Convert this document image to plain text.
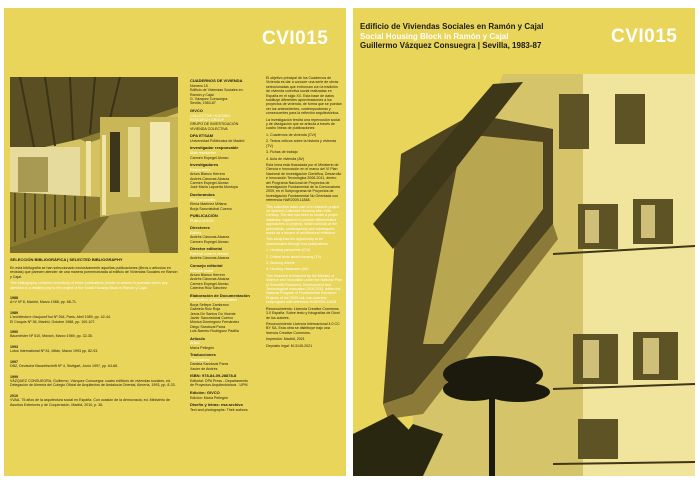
CVI015
SELECCIÓN BIBLIOGRÁFICA | SELECTED BIBLIOGRAPHY

En esta bibliografía se han seleccionado exclusivamente aquellas publicaciones (libros o artículos en revistas) que parecen atender de una manera pormenorizada al edificio de Viviendas Sociales en Ramón y Cajal.

This bibliography contains exclusively of those publications (books or articles in journals) which pay attention in a detailed way to the project of the Social Housing Block in Ramón y Cajal.

1988
A+V Nº 8, Madrid, Marzo 1988, pp. 68-71.
1989
L'architecture d'aujourd'hui Nº 264, Paris, Abril 1989, pp. 42-44.
El Croquis Nº 36, Madrid, Octubre 1988, pp. 100-107.
1990
Baumeister Nº 510, Múnich, Marzo 1989, pp. 32-35.
1993
Lotus International Nº 81, Milán, Marzo 1993 pp. 82-93.
1997
DBZ, Deutsche Bauzeitschrift Nº 4, Stuttgart, Junio 1997, pp. 64-68.
1999
VÁZQUEZ CONSUEGRA, Guillermo. Vázquez Consuegra: cuatro edificios de viviendas sociales, ed. Delegación de Almería del Colegio Oficial de Arquitectos de Andalucía Oriental, Almería, 1993, pp. 8-33.
2010
VVAA. 75 años de la arquitectura social en España. Con ocasión de la democracia, ed. Ministerio de Asuntos Exteriores y de Cooperación, Madrid, 2010, p. 36.
CUADERNOS DE VIVIENDA
Número 15
Edificio de Viviendas Sociales en
Ramón y Cajal
G. Vázquez Consuegra
Sevilla, 1983-87
GIVCO
COLLECTIVE HOUSING
RESEARCH GROUP
GRUPO DE INVESTIGACIÓN
VIVIENDA COLECTIVA
DPA ETSAM
Universidad Politécnica de Madrid
Investigador responsable
Main researcher
Carmen Espegel Alonso
Investigadores
Researchers
Arturo Blanco Herrero
Andrés Cánovas Alcaraz
Carmen Espegel Alonso
José María Lapuerta Montoya
Doctorandos
PhD candidates
Elena Martínez Millana
Borja Sancristóbal Cuervo
PUBLICACIÓN
PUBLICATION
Directores
Editors
Andrés Cánovas Alcaraz
Carmen Espegel Alonso
Director editorial
Editorial content director
Andrés Cánovas Alcaraz
Consejo editorial
Editorial board
Arturo Blanco Herrero
Andrés Cánovas Alcaraz
Carmen Espegel Alonso
Caterina Ruiz Sánchez
Elaboración de Documentación
Elaboration of documentation
Borja Sellepe Zambrano
Gabriela Ruiz Roja
Jesús De Santos Du Vicente
Javier Sancristóbal Cuervo
Mónica Domínguez Fernández
Diego Sandoval Parra
Luis Barreto Rodríguez Padilla
Artículo
Article
María Pellegrin
Traducciones
Translations
Daniela Sandoval Parra
Xavier de Andrés
ISBN: 978-84-09-28878-8
Editorial: DPA Press - Departamento
de Proyectos Arquitectónicos - UPM
Edición: GIVCO
Edición: María Pellegrin
Diseño y letras: esa archivo
Text and photographs: Their authors

El objetivo principal de los Cuadernos de Vivienda es dar a conocer una serie de obras seleccionadas que entroncan con la tradición de vivienda colectiva social realizadas en España en el siglo XX. Esta base de datos sustituye diferentes aproximaciones a los proyectos de vivienda, de forma que se puedan ver los antecedentes, contemporáneas y consecuentes para la reflexión arquitectónica.

La investigación tendrá una repercusión social y de divulgación que se articula a través de cuatro líneas de publicaciones:

1. Cuadernos de vivienda (CVI)

2. Textos críticos sobre la historia y vivienda (TV)

3. Fichas de trabajo

4. Aula de vivienda (AV)

Esta línea está financiada por el Ministerio de Ciencia e Innovación en el marco del VI Plan Nacional de Investigación Científica, Desarrollo e Innovación Tecnológica 2008-2011, dentro del Programa Nacional de Proyectos de Investigación Fundamental de la Convocatoria 2009, en el Subprograma de Proyectos de Investigación Fundamental No Orientada con referencia HAR2009-11848.

This collection takes part of a research project on Spanish Collective Housing after 20th Century. The aim has been to create a proper database organized to provide differentiated approaches to projects, which will look at the precedents, contemporary and subsequent works as a means of architectural reflection.

This study has the opportunity to be disseminated through four publications:

1. Housing pamphlets (CVI)

2. Critical texts about housing (TV)

3. Working sheets

4. Housing classroom (AV)

This research is financed by the Ministry of Science and Innovation under the National Plan of Scientific Research, Development and Technological Innovation 2008-2011, within the National Program of Fundamental Research Projects of the 2009 call, non-oriented subprogram with reference HAR2009-11848.

Reconocimiento: Licencia Creative Commons 3.0 España. Sobre texto y fotografías de Dioni de los autores.

Reconocimiento Licencia Internacional 4.0 CC BY SA. Esta obra se distribuye bajo una licencia Creative Commons.

Impresión: Madrid, 2021

Depósito legal: M-3145-2021

Edificio de Viviendas Sociales en Ramón y Cajal
Social Housing Block in Ramón y Cajal
Guillermo Vázquez Consuegra | Sevilla, 1983-87	CVI015
